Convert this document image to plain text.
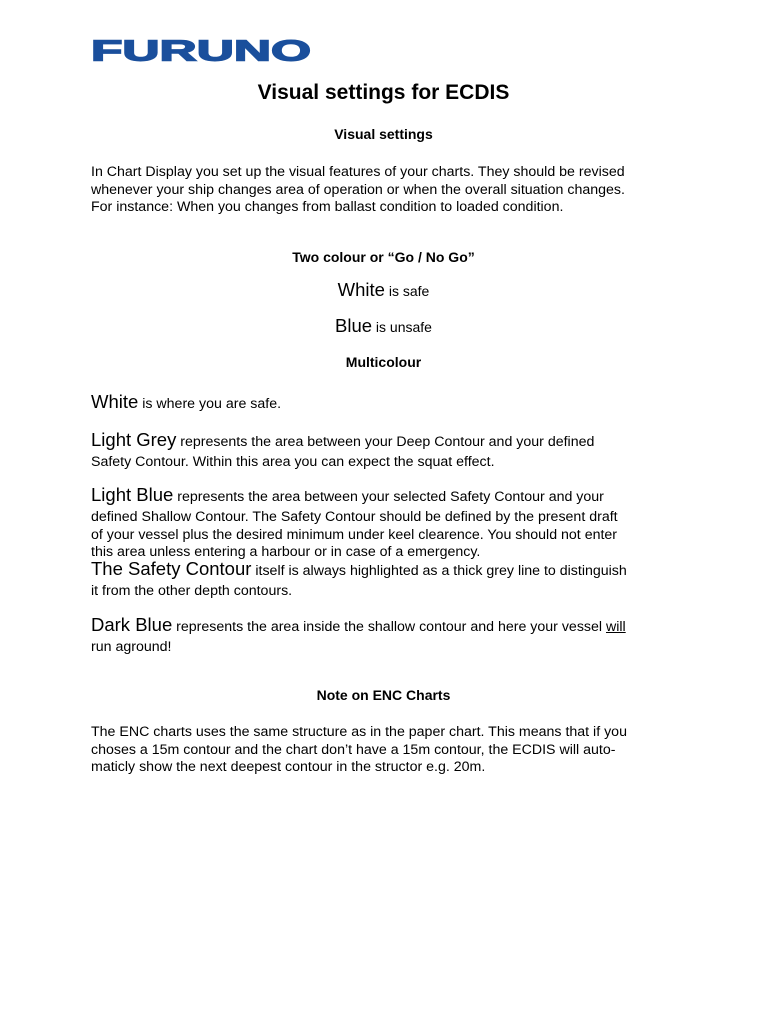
FURUNO
Visual settings for ECDIS
Visual settings
In Chart Display you set up the visual features of your charts. They should be revised
whenever your ship changes area of operation or when the overall situation changes.
For instance: When you changes from ballast condition to loaded condition.
Two colour or “Go / No Go”
White is safe
Blue is unsafe
Multicolour
White is where you are safe.
Light Grey represents the area between your Deep Contour and your defined
Safety Contour. Within this area you can expect the squat effect.
Light Blue represents the area between your selected Safety Contour and your
defined Shallow Contour. The Safety Contour should be defined by the present draft
of your vessel plus the desired minimum under keel clearence. You should not enter
this area unless entering a harbour or in case of a emergency.
The Safety Contour itself is always highlighted as a thick grey line to distinguish
it from the other depth contours.
Dark Blue represents the area inside the shallow contour and here your vessel will
run aground!
Note on ENC Charts
The ENC charts uses the same structure as in the paper chart. This means that if you
choses a 15m contour and the chart don’t have a 15m contour, the ECDIS will auto-
maticly show the next deepest contour in the structor e.g. 20m.
